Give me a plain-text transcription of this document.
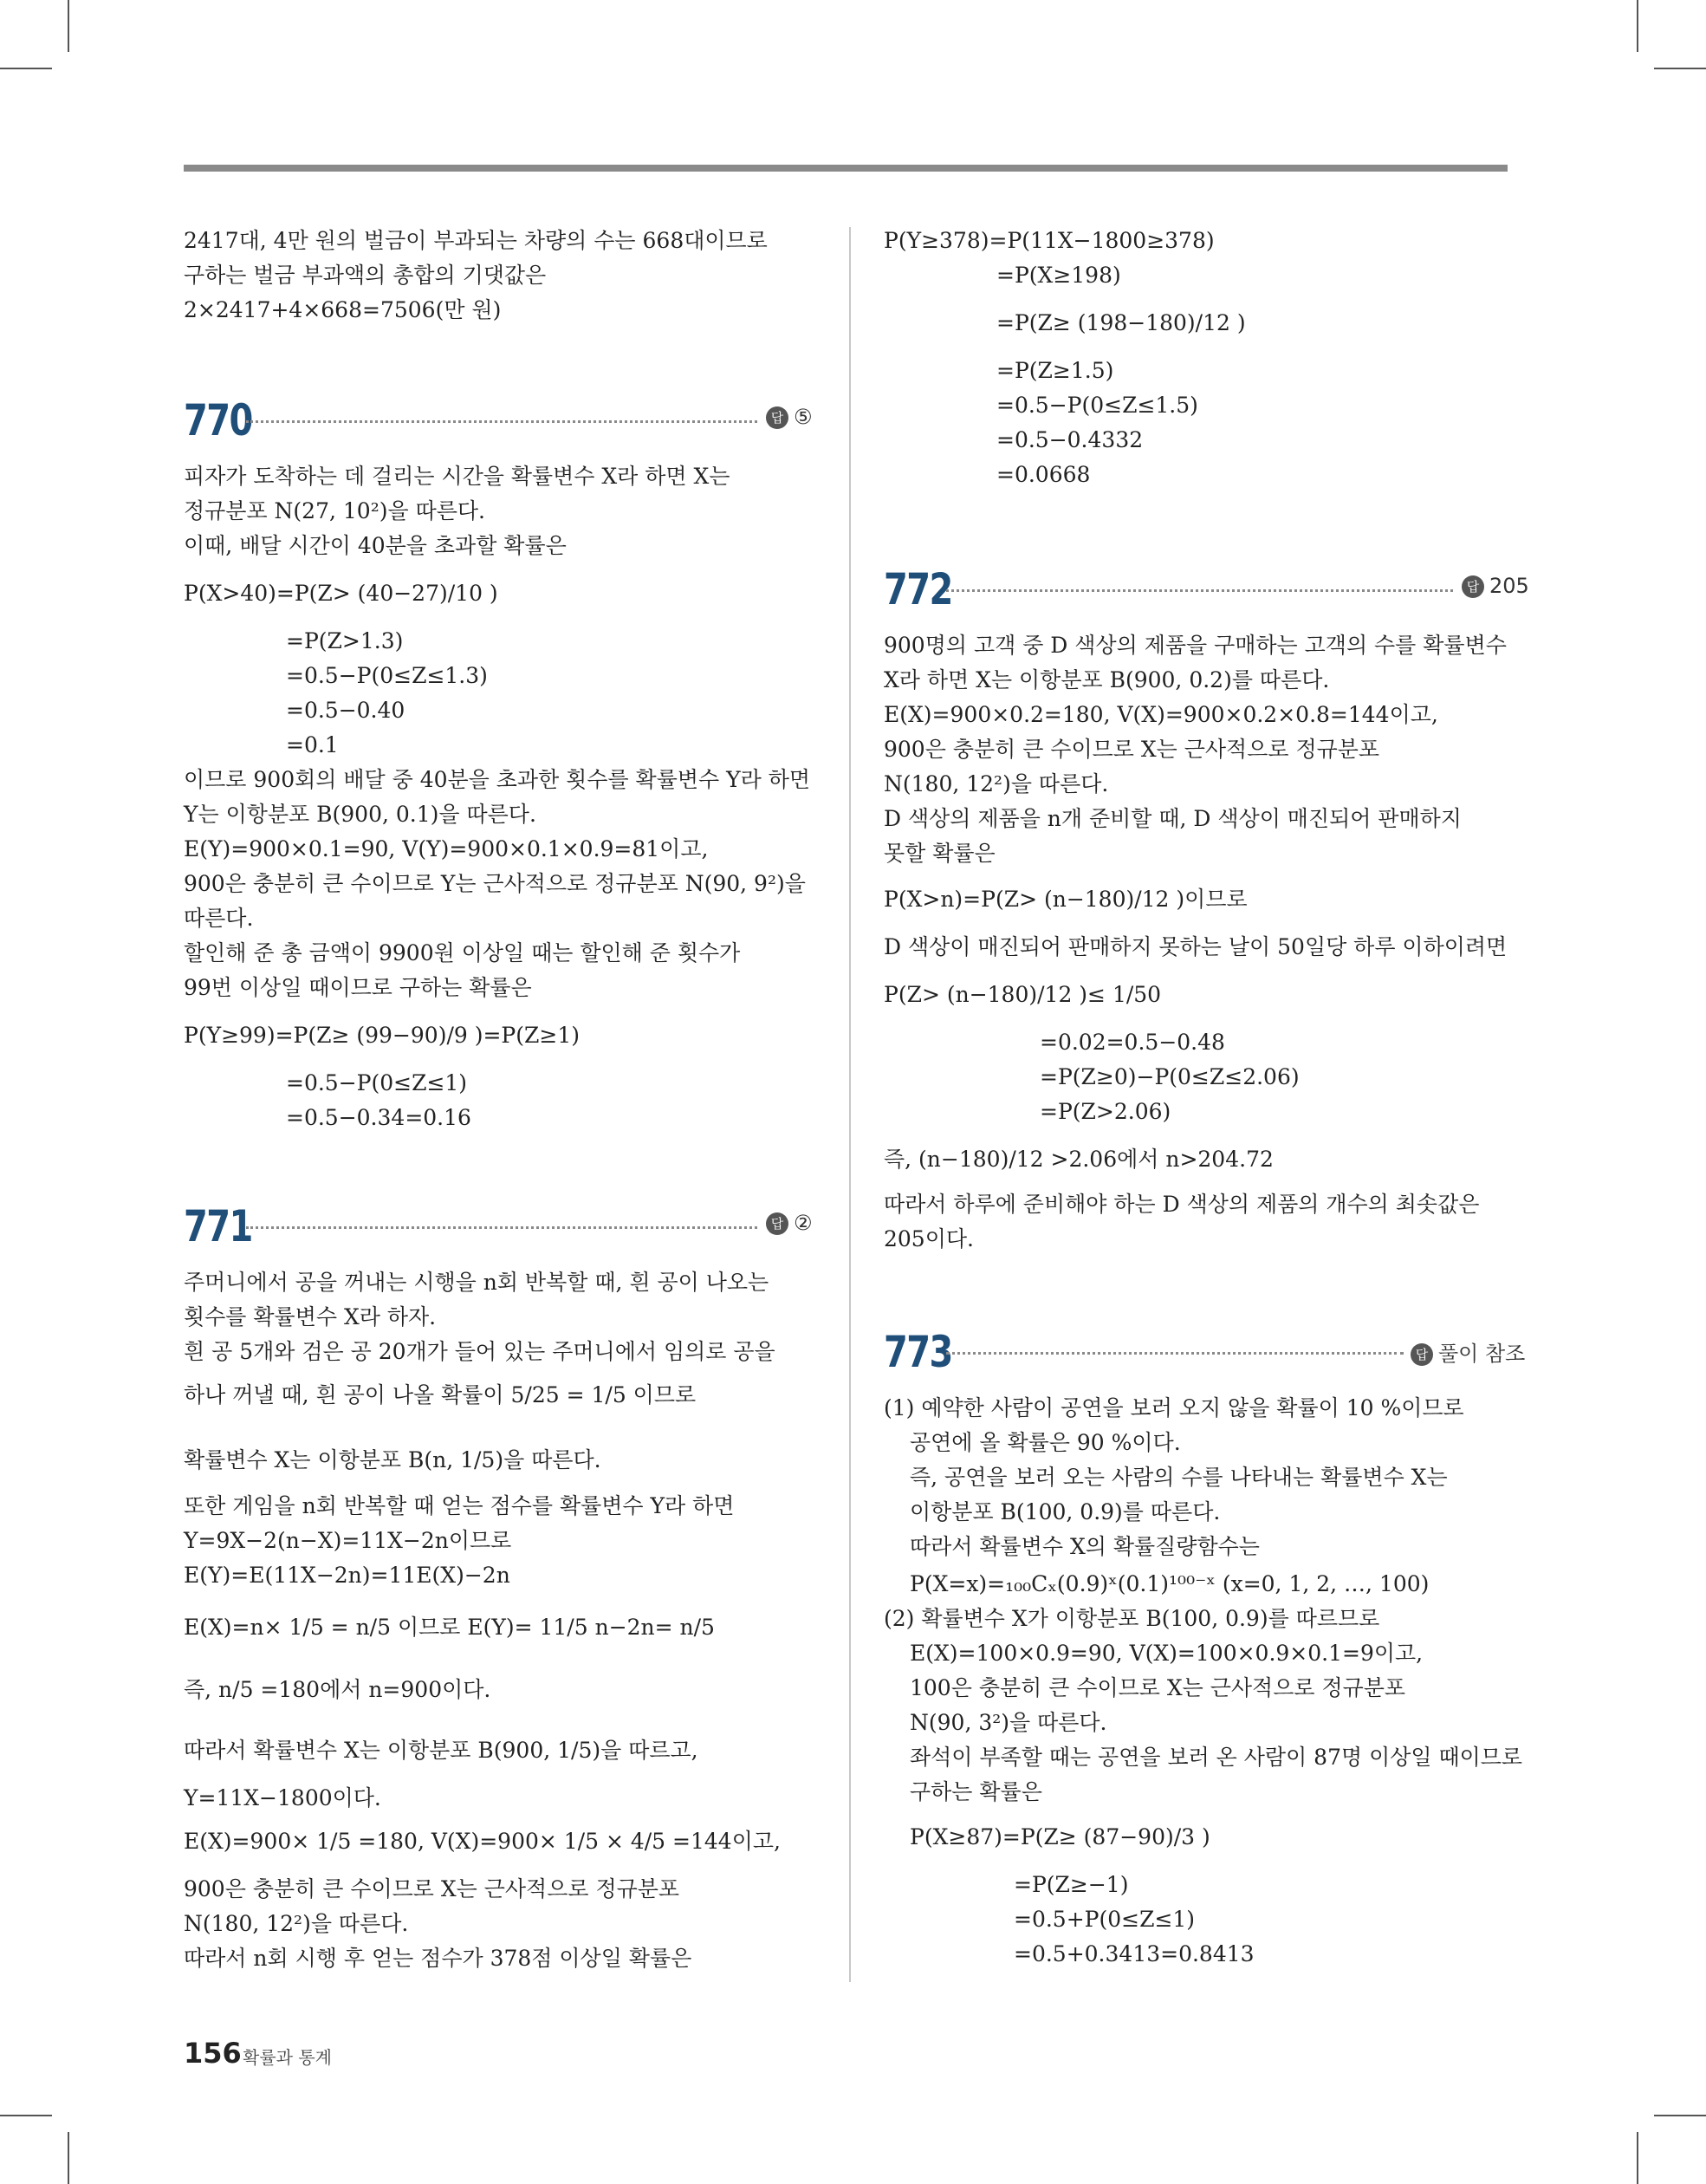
2417대, 4만 원의 벌금이 부과되는 차량의 수는 668대이므로
구하는 벌금 부과액의 총합의 기댓값은
2×2417+4×668=7506(만 원)
770	답 ⑤
피자가 도착하는 데 걸리는 시간을 확률변수 X라 하면 X는
정규분포 N(27, 10²)을 따른다.
이때, 배달 시간이 40분을 초과할 확률은
P(X>40)=P(Z> (40−27)/10 )
=P(Z>1.3)
=0.5−P(0≤Z≤1.3)
=0.5−0.40
=0.1
이므로 900회의 배달 중 40분을 초과한 횟수를 확률변수 Y라 하면
Y는 이항분포 B(900, 0.1)을 따른다.
E(Y)=900×0.1=90, V(Y)=900×0.1×0.9=81이고,
900은 충분히 큰 수이므로 Y는 근사적으로 정규분포 N(90, 9²)을
따른다.
할인해 준 총 금액이 9900원 이상일 때는 할인해 준 횟수가
99번 이상일 때이므로 구하는 확률은
P(Y≥99)=P(Z≥ (99−90)/9 )=P(Z≥1)
=0.5−P(0≤Z≤1)
=0.5−0.34=0.16
771	답 ②
주머니에서 공을 꺼내는 시행을 n회 반복할 때, 흰 공이 나오는
횟수를 확률변수 X라 하자.
흰 공 5개와 검은 공 20개가 들어 있는 주머니에서 임의로 공을
하나 꺼낼 때, 흰 공이 나올 확률이 5/25 = 1/5 이므로
확률변수 X는 이항분포 B(n, 1/5)을 따른다.
또한 게임을 n회 반복할 때 얻는 점수를 확률변수 Y라 하면
Y=9X−2(n−X)=11X−2n이므로
E(Y)=E(11X−2n)=11E(X)−2n
E(X)=n× 1/5 = n/5 이므로 E(Y)= 11/5 n−2n= n/5
즉, n/5 =180에서 n=900이다.
따라서 확률변수 X는 이항분포 B(900, 1/5)을 따르고,
Y=11X−1800이다.
E(X)=900× 1/5 =180, V(X)=900× 1/5 × 4/5 =144이고,
900은 충분히 큰 수이므로 X는 근사적으로 정규분포
N(180, 12²)을 따른다.
따라서 n회 시행 후 얻는 점수가 378점 이상일 확률은
P(Y≥378)=P(11X−1800≥378)
=P(X≥198)
=P(Z≥ (198−180)/12 )
=P(Z≥1.5)
=0.5−P(0≤Z≤1.5)
=0.5−0.4332
=0.0668
772	답 205
900명의 고객 중 D 색상의 제품을 구매하는 고객의 수를 확률변수
X라 하면 X는 이항분포 B(900, 0.2)를 따른다.
E(X)=900×0.2=180, V(X)=900×0.2×0.8=144이고,
900은 충분히 큰 수이므로 X는 근사적으로 정규분포
N(180, 12²)을 따른다.
D 색상의 제품을 n개 준비할 때, D 색상이 매진되어 판매하지
못할 확률은
P(X>n)=P(Z> (n−180)/12 )이므로
D 색상이 매진되어 판매하지 못하는 날이 50일당 하루 이하이려면
P(Z> (n−180)/12 )≤ 1/50
=0.02=0.5−0.48
=P(Z≥0)−P(0≤Z≤2.06)
=P(Z>2.06)
즉, (n−180)/12 >2.06에서 n>204.72
따라서 하루에 준비해야 하는 D 색상의 제품의 개수의 최솟값은
205이다.
773	답 풀이 참조
(1) 예약한 사람이 공연을 보러 오지 않을 확률이 10 %이므로
공연에 올 확률은 90 %이다.
즉, 공연을 보러 오는 사람의 수를 나타내는 확률변수 X는
이항분포 B(100, 0.9)를 따른다.
따라서 확률변수 X의 확률질량함수는
P(X=x)=₁₀₀Cₓ(0.9)ˣ(0.1)¹⁰⁰⁻ˣ (x=0, 1, 2, …, 100)
(2) 확률변수 X가 이항분포 B(100, 0.9)를 따르므로
E(X)=100×0.9=90, V(X)=100×0.9×0.1=9이고,
100은 충분히 큰 수이므로 X는 근사적으로 정규분포
N(90, 3²)을 따른다.
좌석이 부족할 때는 공연을 보러 온 사람이 87명 이상일 때이므로
구하는 확률은
P(X≥87)=P(Z≥ (87−90)/3 )
=P(Z≥−1)
=0.5+P(0≤Z≤1)
=0.5+0.3413=0.8413
156 확률과 통계
